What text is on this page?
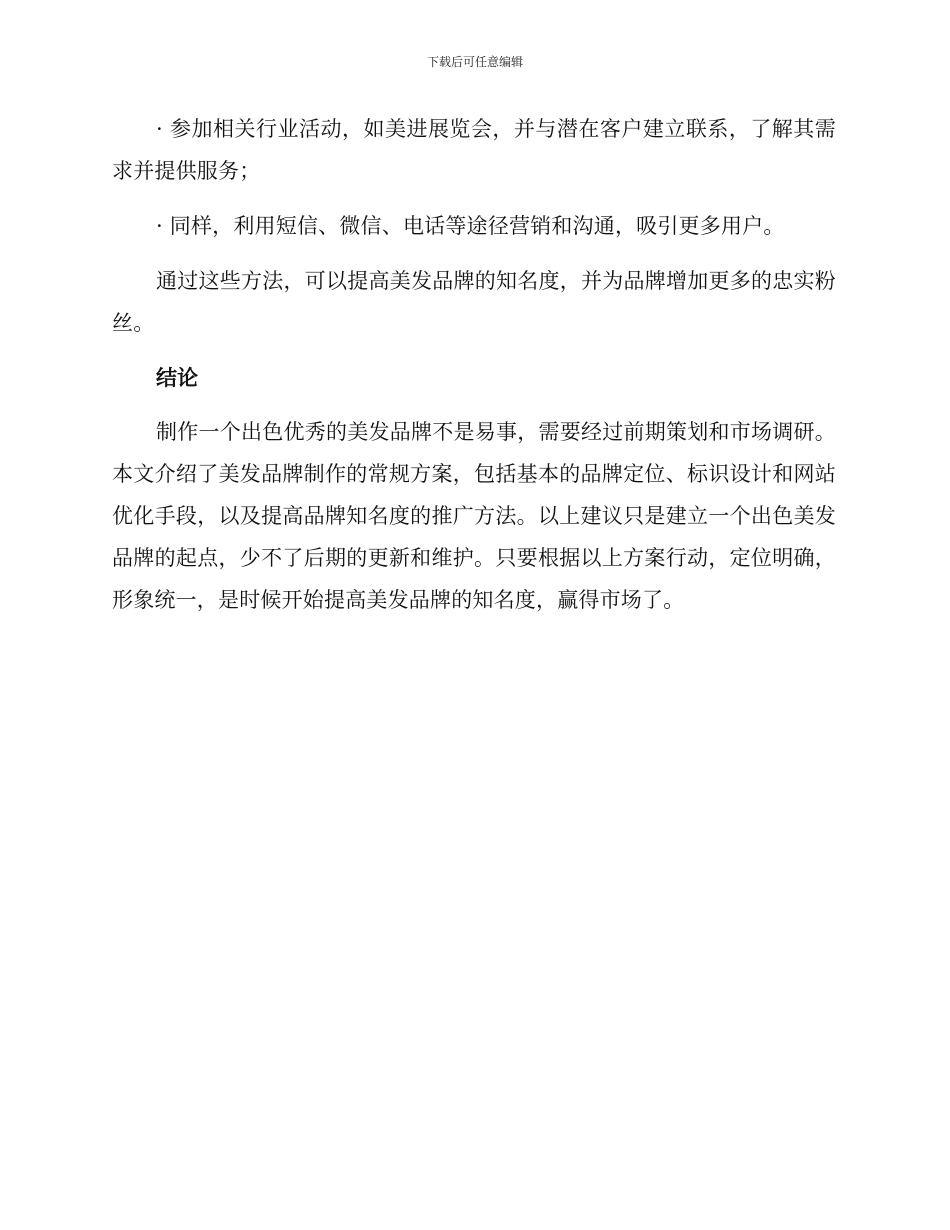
下载后可任意编辑

· 参加相关行业活动，如美进展览会，并与潜在客户建立联系，了解其需求并提供服务；

· 同样，利用短信、微信、电话等途径营销和沟通，吸引更多用户。

通过这些方法，可以提高美发品牌的知名度，并为品牌增加更多的忠实粉丝。

结论

制作一个出色优秀的美发品牌不是易事，需要经过前期策划和市场调研。本文介绍了美发品牌制作的常规方案，包括基本的品牌定位、标识设计和网站优化手段，以及提高品牌知名度的推广方法。以上建议只是建立一个出色美发品牌的起点，少不了后期的更新和维护。只要根据以上方案行动，定位明确，形象统一，是时候开始提高美发品牌的知名度，赢得市场了。
